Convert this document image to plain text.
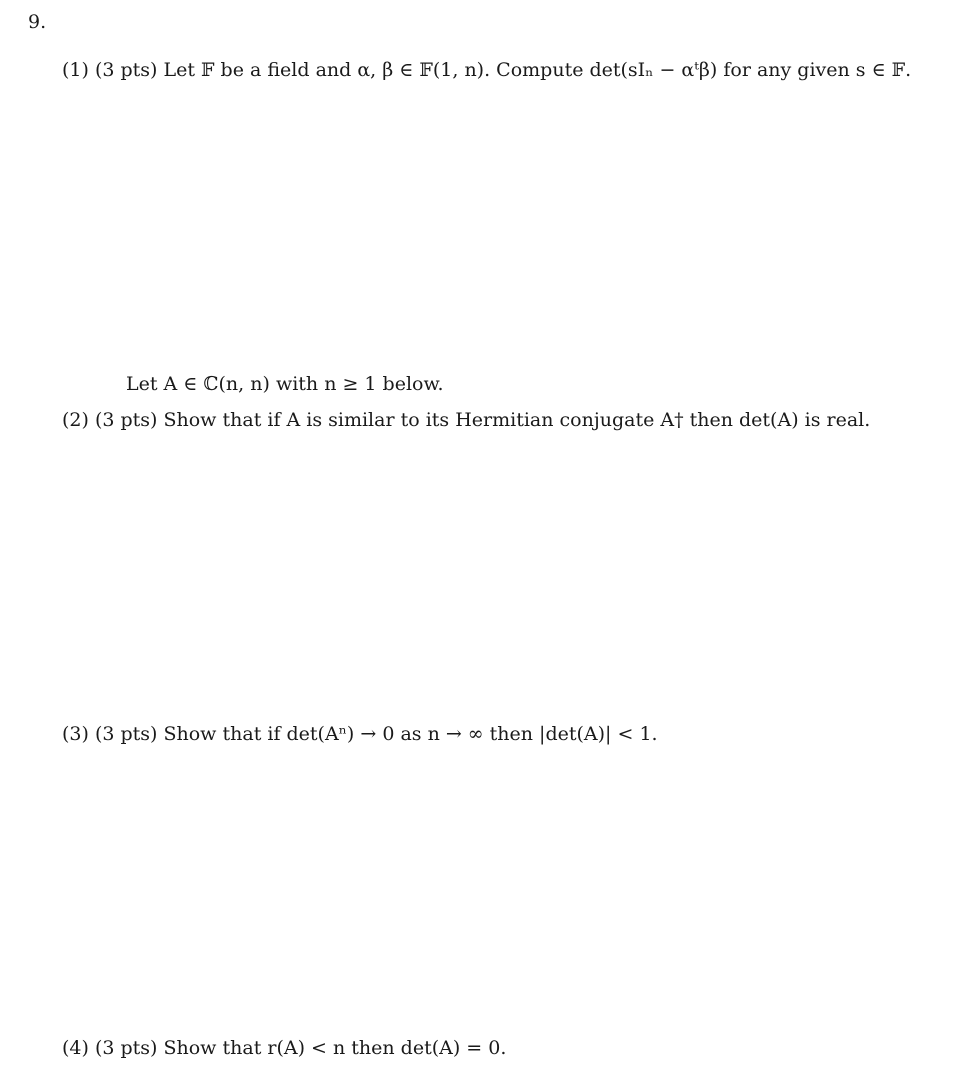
9.
(1) (3 pts) Let 𝔽 be a field and α, β ∈ 𝔽(1, n). Compute det(sIₙ − αᵗβ) for any given s ∈ 𝔽.
Let A ∈ ℂ(n, n) with n ≥ 1 below.
(2) (3 pts) Show that if A is similar to its Hermitian conjugate A† then det(A) is real.
(3) (3 pts) Show that if det(Aⁿ) → 0 as n → ∞ then |det(A)| < 1.
(4) (3 pts) Show that r(A) < n then det(A) = 0.
